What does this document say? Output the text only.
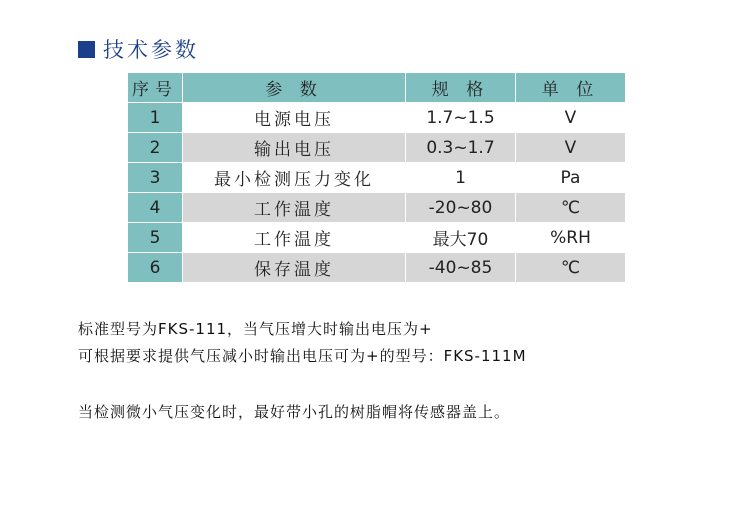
技术参数
序号	参 数	规 格	单 位
1	电源电压	1.7~1.5	V
2	输出电压	0.3~1.7	V
3	最小检测压力变化	1	Pa
4	工作温度	-20~80	℃
5	工作温度	最大70	%RH
6	保存温度	-40~85	℃
标准型号为FKS-111，当气压增大时输出电压为+
可根据要求提供气压减小时输出电压可为+的型号：FKS-111M
当检测微小气压变化时，最好带小孔的树脂帽将传感器盖上。
